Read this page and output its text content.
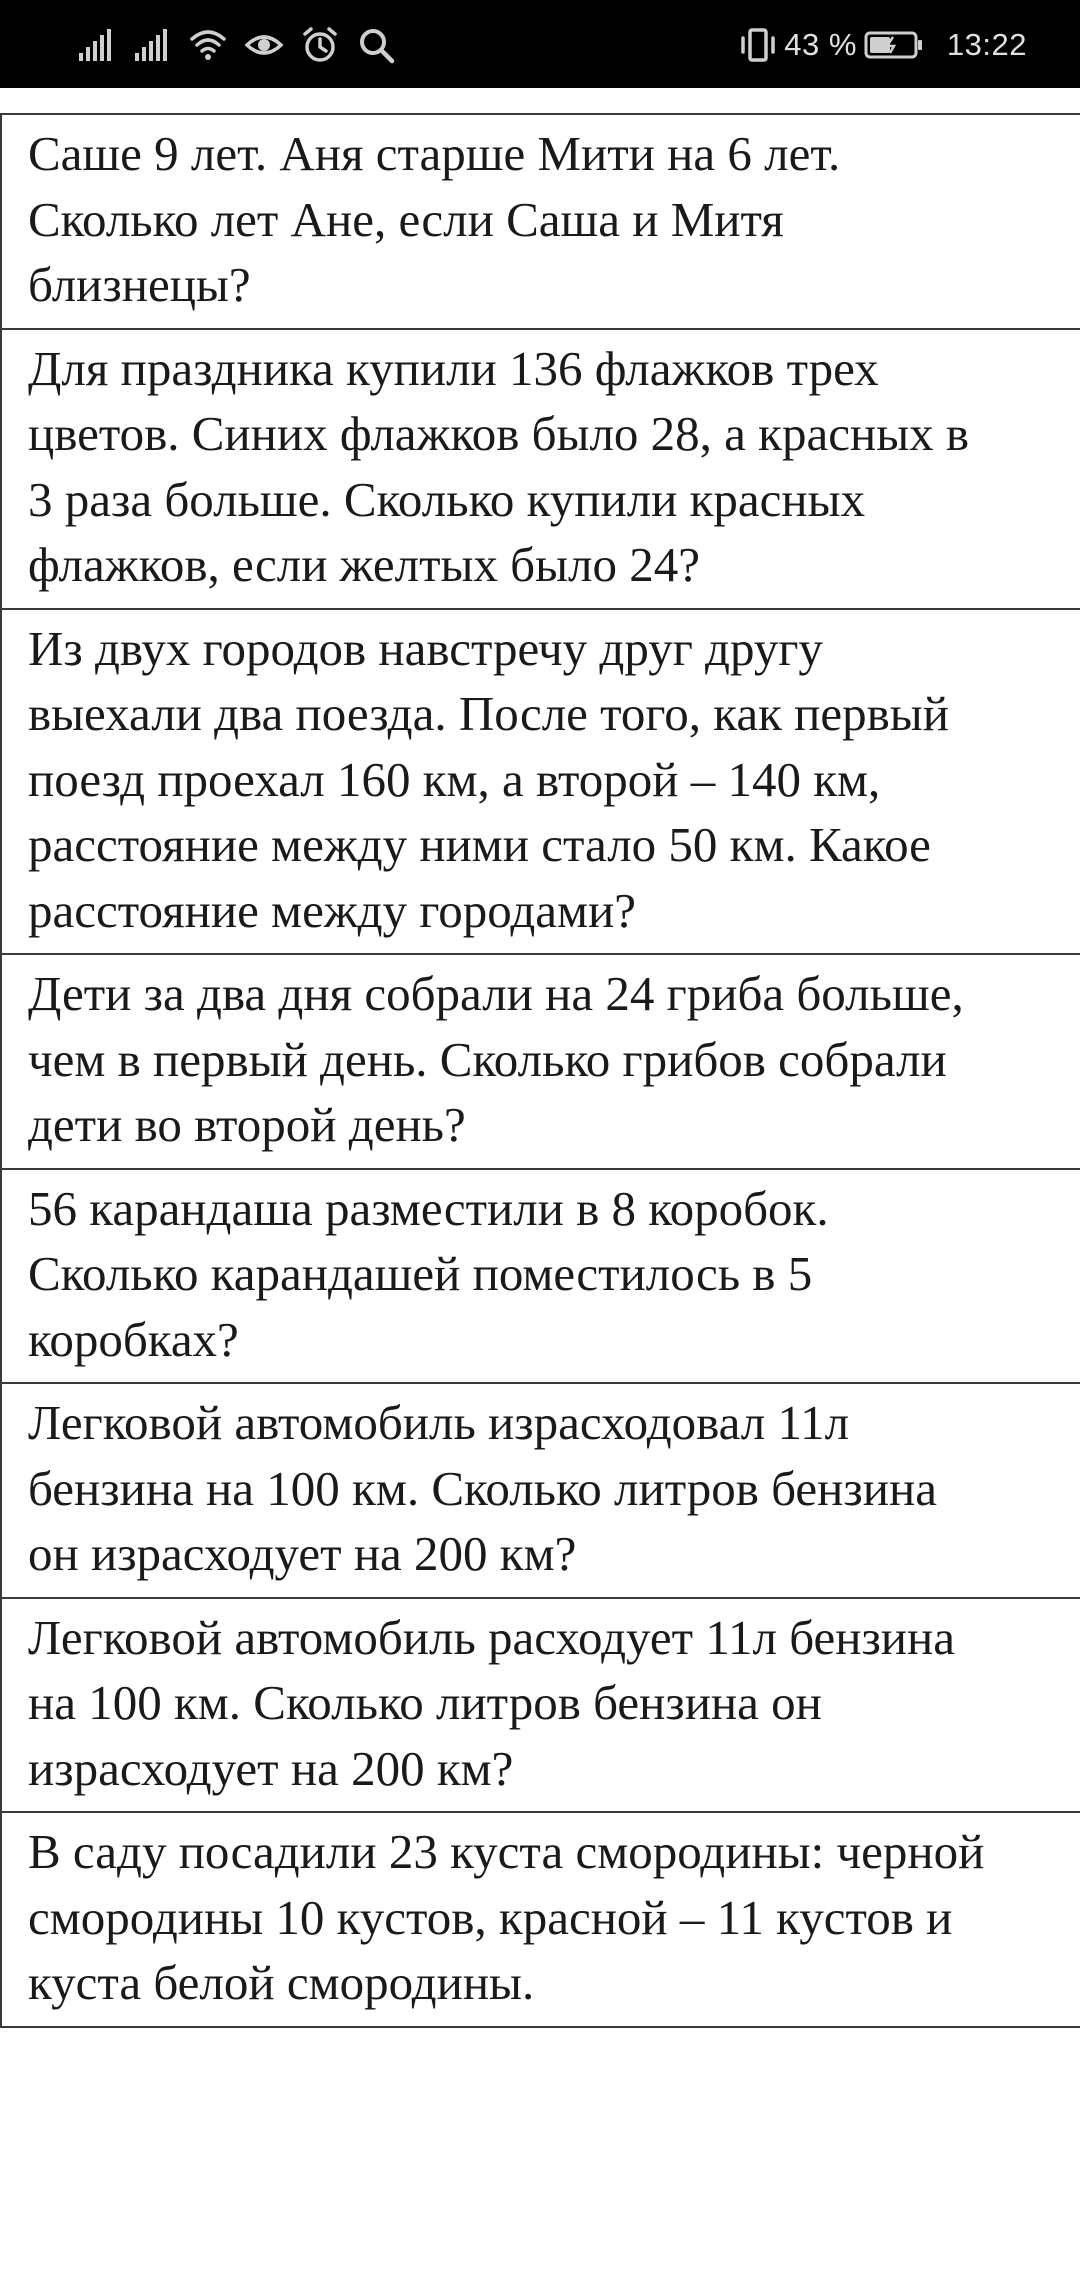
43 %	13:22
Саше 9 лет. Аня старше Мити на 6 лет.
Сколько лет Ане, если Саша и Митя
близнецы?
Для праздника купили 136 флажков трех
цветов. Синих флажков было 28, а красных в
3 раза больше. Сколько купили красных
флажков, если желтых было 24?
Из двух городов навстречу друг другу
выехали два поезда. После того, как первый
поезд проехал 160 км, а второй – 140 км,
расстояние между ними стало 50 км. Какое
расстояние между городами?
Дети за два дня собрали на 24 гриба больше,
чем в первый день. Сколько грибов собрали
дети во второй день?
56 карандаша разместили в 8 коробок.
Сколько карандашей поместилось в 5
коробках?
Легковой автомобиль израсходовал 11л
бензина на 100 км. Сколько литров бензина
он израсходует на 200 км?
Легковой автомобиль расходует 11л бензина
на 100 км. Сколько литров бензина он
израсходует на 200 км?
В саду посадили 23 куста смородины: черной
смородины 10 кустов, красной – 11 кустов и
куста белой смородины.
